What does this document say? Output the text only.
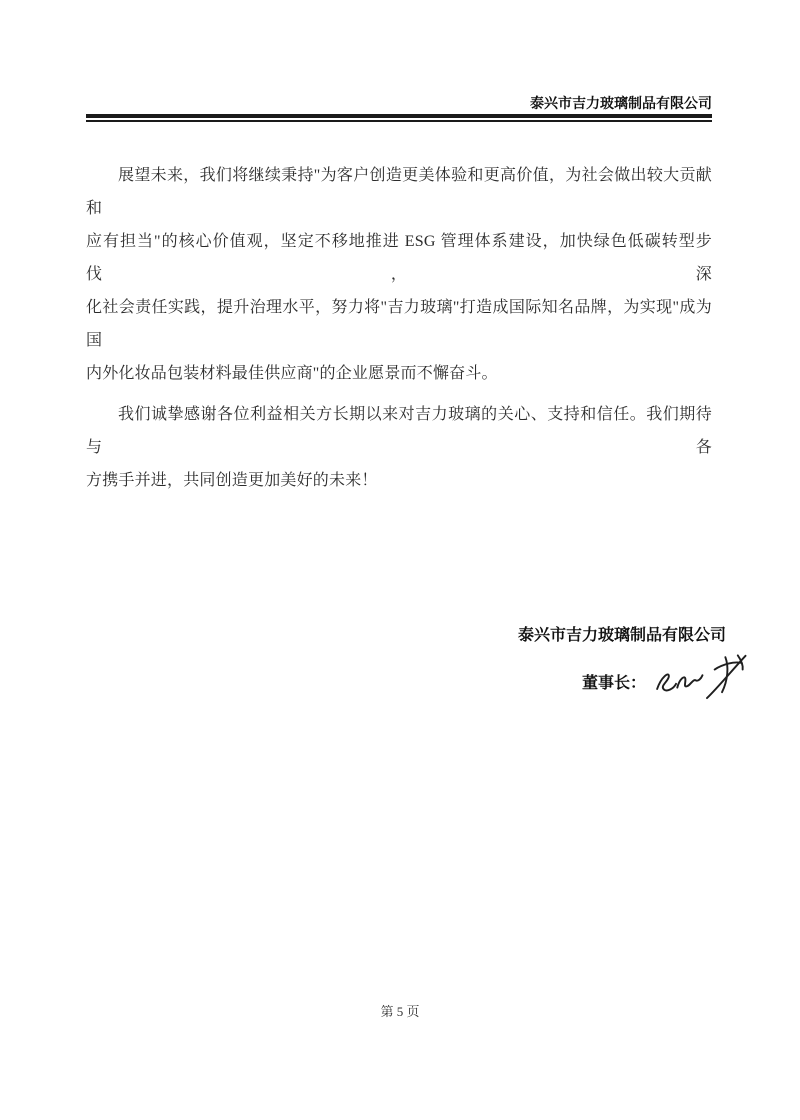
泰兴市吉力玻璃制品有限公司
展望未来，我们将继续秉持"为客户创造更美体验和更高价值，为社会做出较大贡献和
应有担当"的核心价值观，坚定不移地推进 ESG 管理体系建设，加快绿色低碳转型步伐，深
化社会责任实践，提升治理水平，努力将"吉力玻璃"打造成国际知名品牌，为实现"成为国
内外化妆品包装材料最佳供应商"的企业愿景而不懈奋斗。
我们诚挚感谢各位利益相关方长期以来对吉力玻璃的关心、支持和信任。我们期待与各
方携手并进，共同创造更加美好的未来！
泰兴市吉力玻璃制品有限公司
董事长：
第 5 页
